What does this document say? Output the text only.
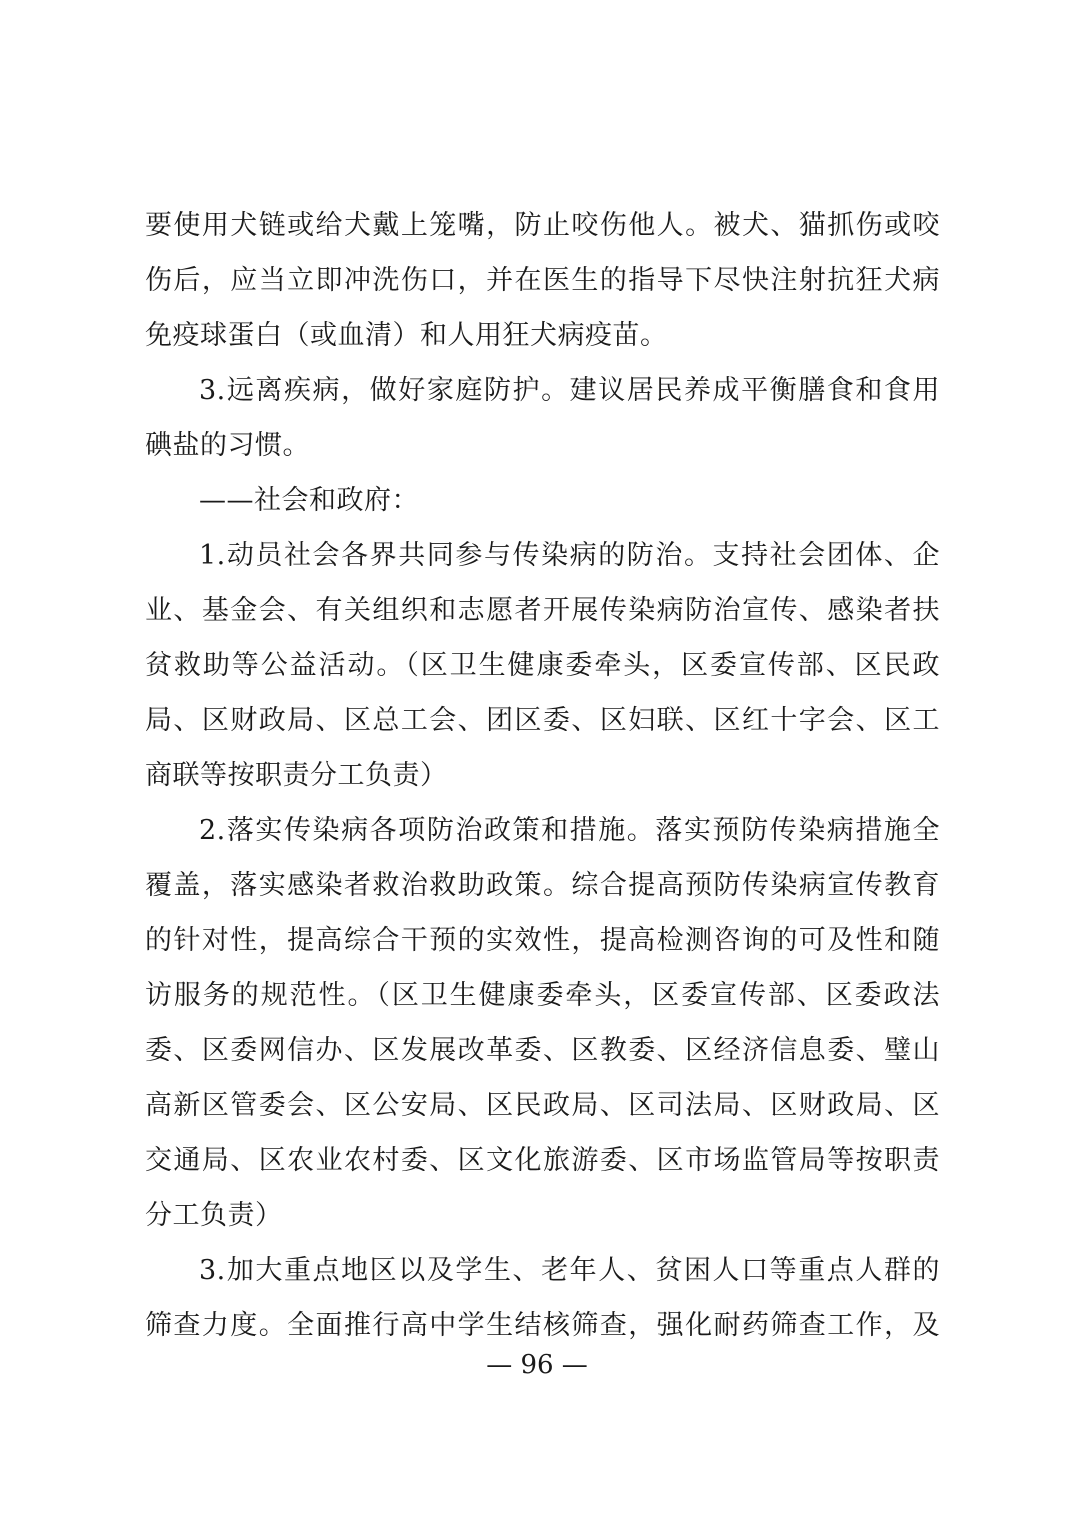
要使用犬链或给犬戴上笼嘴，防止咬伤他人。被犬、猫抓伤或咬
伤后，应当立即冲洗伤口，并在医生的指导下尽快注射抗狂犬病
免疫球蛋白（或血清）和人用狂犬病疫苗。
3.远离疾病，做好家庭防护。建议居民养成平衡膳食和食用
碘盐的习惯。
——社会和政府：
1.动员社会各界共同参与传染病的防治。支持社会团体、企
业、基金会、有关组织和志愿者开展传染病防治宣传、感染者扶
贫救助等公益活动。（区卫生健康委牵头，区委宣传部、区民政
局、区财政局、区总工会、团区委、区妇联、区红十字会、区工
商联等按职责分工负责）
2.落实传染病各项防治政策和措施。落实预防传染病措施全
覆盖，落实感染者救治救助政策。综合提高预防传染病宣传教育
的针对性，提高综合干预的实效性，提高检测咨询的可及性和随
访服务的规范性。（区卫生健康委牵头，区委宣传部、区委政法
委、区委网信办、区发展改革委、区教委、区经济信息委、璧山
高新区管委会、区公安局、区民政局、区司法局、区财政局、区
交通局、区农业农村委、区文化旅游委、区市场监管局等按职责
分工负责）
3.加大重点地区以及学生、老年人、贫困人口等重点人群的
筛查力度。全面推行高中学生结核筛查，强化耐药筛查工作，及
— 96 —
